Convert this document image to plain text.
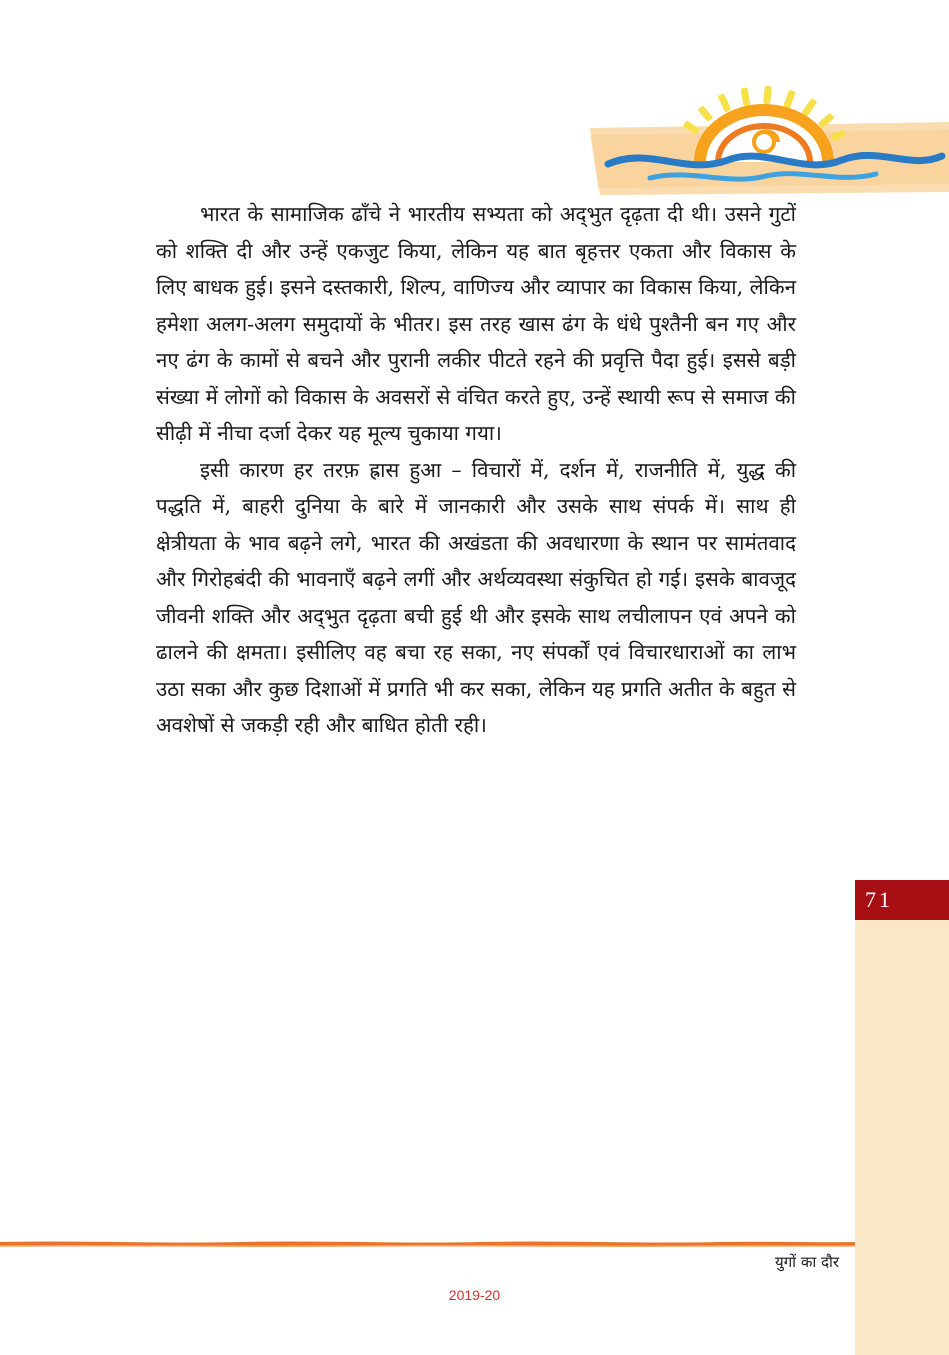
71

भारत के सामाजिक ढाँचे ने भारतीय सभ्यता को अद्‌भुत दृढ़ता दी थी। उसने गुटों को शक्ति दी और उन्हें एकजुट किया, लेकिन यह बात बृहत्तर एकता और विकास के लिए बाधक हुई। इसने दस्तकारी, शिल्प, वाणिज्य और व्यापार का विकास किया, लेकिन हमेशा अलग-अलग समुदायों के भीतर। इस तरह खास ढंग के धंधे पुश्तैनी बन गए और नए ढंग के कामों से बचने और पुरानी लकीर पीटते रहने की प्रवृत्ति पैदा हुई। इससे बड़ी संख्या में लोगों को विकास के अवसरों से वंचित करते हुए, उन्हें स्थायी रूप से समाज की सीढ़ी में नीचा दर्जा देकर यह मूल्य चुकाया गया।

इसी कारण हर तरफ़ ह्रास हुआ – विचारों में, दर्शन में, राजनीति में, युद्ध की पद्धति में, बाहरी दुनिया के बारे में जानकारी और उसके साथ संपर्क में। साथ ही क्षेत्रीयता के भाव बढ़ने लगे, भारत की अखंडता की अवधारणा के स्थान पर सामंतवाद और गिरोहबंदी की भावनाएँ बढ़ने लगीं और अर्थव्यवस्था संकुचित हो गई। इसके बावजूद जीवनी शक्ति और अद्‌भुत दृढ़ता बची हुई थी और इसके साथ लचीलापन एवं अपने को ढालने की क्षमता। इसीलिए वह बचा रह सका, नए संपर्कों एवं विचारधाराओं का लाभ उठा सका और कुछ दिशाओं में प्रगति भी कर सका, लेकिन यह प्रगति अतीत के बहुत से अवशेषों से जकड़ी रही और बाधित होती रही।

युगों का दौर
2019-20
